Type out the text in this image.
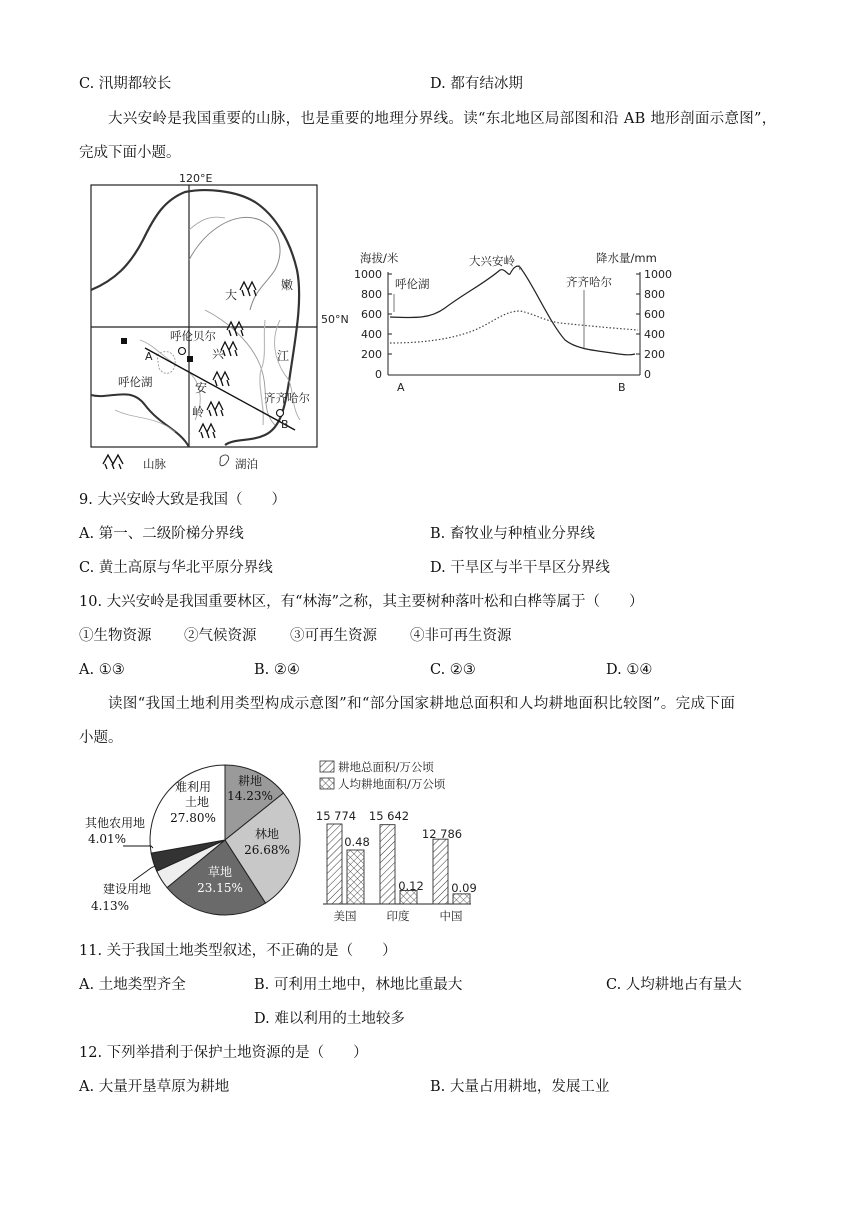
C. 汛期都较长	D. 都有结冰期
大兴安岭是我国重要的山脉，也是重要的地理分界线。读“东北地区局部图和沿 AB 地形剖面示意图”，
完成下面小题。
120°E
50°N
A
B
呼伦贝尔
呼伦湖
齐齐哈尔
大
兴
安
岭
嫩
江
山脉	湖泊
海拔/米	降水量/mm
1000
800
600
400
200
0
1000
800
600
400
200
0
呼伦湖
大兴安岭
齐齐哈尔
A	B
9. 大兴安岭大致是我国（　　）
A. 第一、二级阶梯分界线	B. 畜牧业与种植业分界线
C. 黄土高原与华北平原分界线	D. 干旱区与半干旱区分界线
10. 大兴安岭是我国重要林区，有“林海”之称，其主要树种落叶松和白桦等属于（　　）
①生物资源 ②气候资源 ③可再生资源 ④非可再生资源
A. ①③	B. ②④	C. ②③	D. ①④
读图“我国土地利用类型构成示意图”和“部分国家耕地总面积和人均耕地面积比较图”。完成下面
小题。
难利用
土地
27.80%
耕地
14.23%
林地
26.68%
草地
23.15%
其他农用地
4.01%
建设用地
4.13%
耕地总面积/万公顷
人均耕地面积/万公顷
15 774 15 642
12 786
0.48
0.12 0.09
美国	印度	中国
11. 关于我国土地类型叙述，不正确的是（　　）
A. 土地类型齐全	B. 可利用土地中，林地比重最大	C. 人均耕地占有量大
D. 难以利用的土地较多
12. 下列举措利于保护土地资源的是（　　）
A. 大量开垦草原为耕地	B. 大量占用耕地，发展工业
